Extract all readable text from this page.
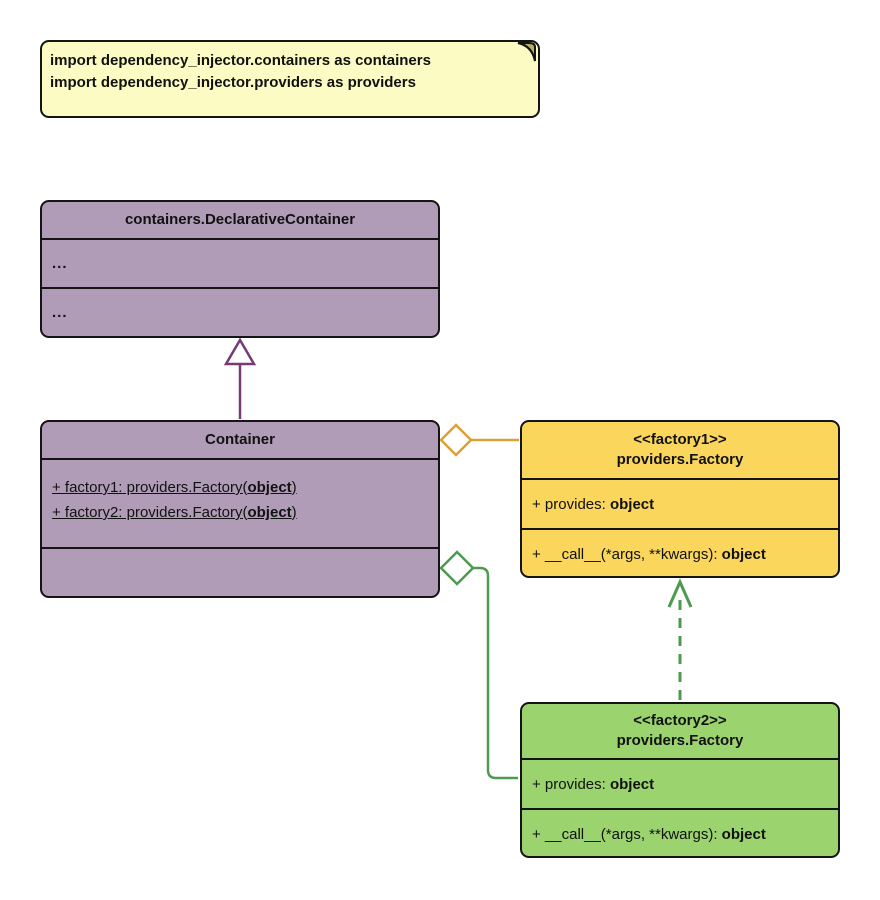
import dependency_injector.containers as containers
import dependency_injector.providers as providers
containers.DeclarativeContainer
...
...
Container
+ factory1: providers.Factory(object)
+ factory2: providers.Factory(object)
<<factory1>>
providers.Factory
+ provides: object
+ __call__(*args, **kwargs): object
<<factory2>>
providers.Factory
+ provides: object
+ __call__(*args, **kwargs): object
